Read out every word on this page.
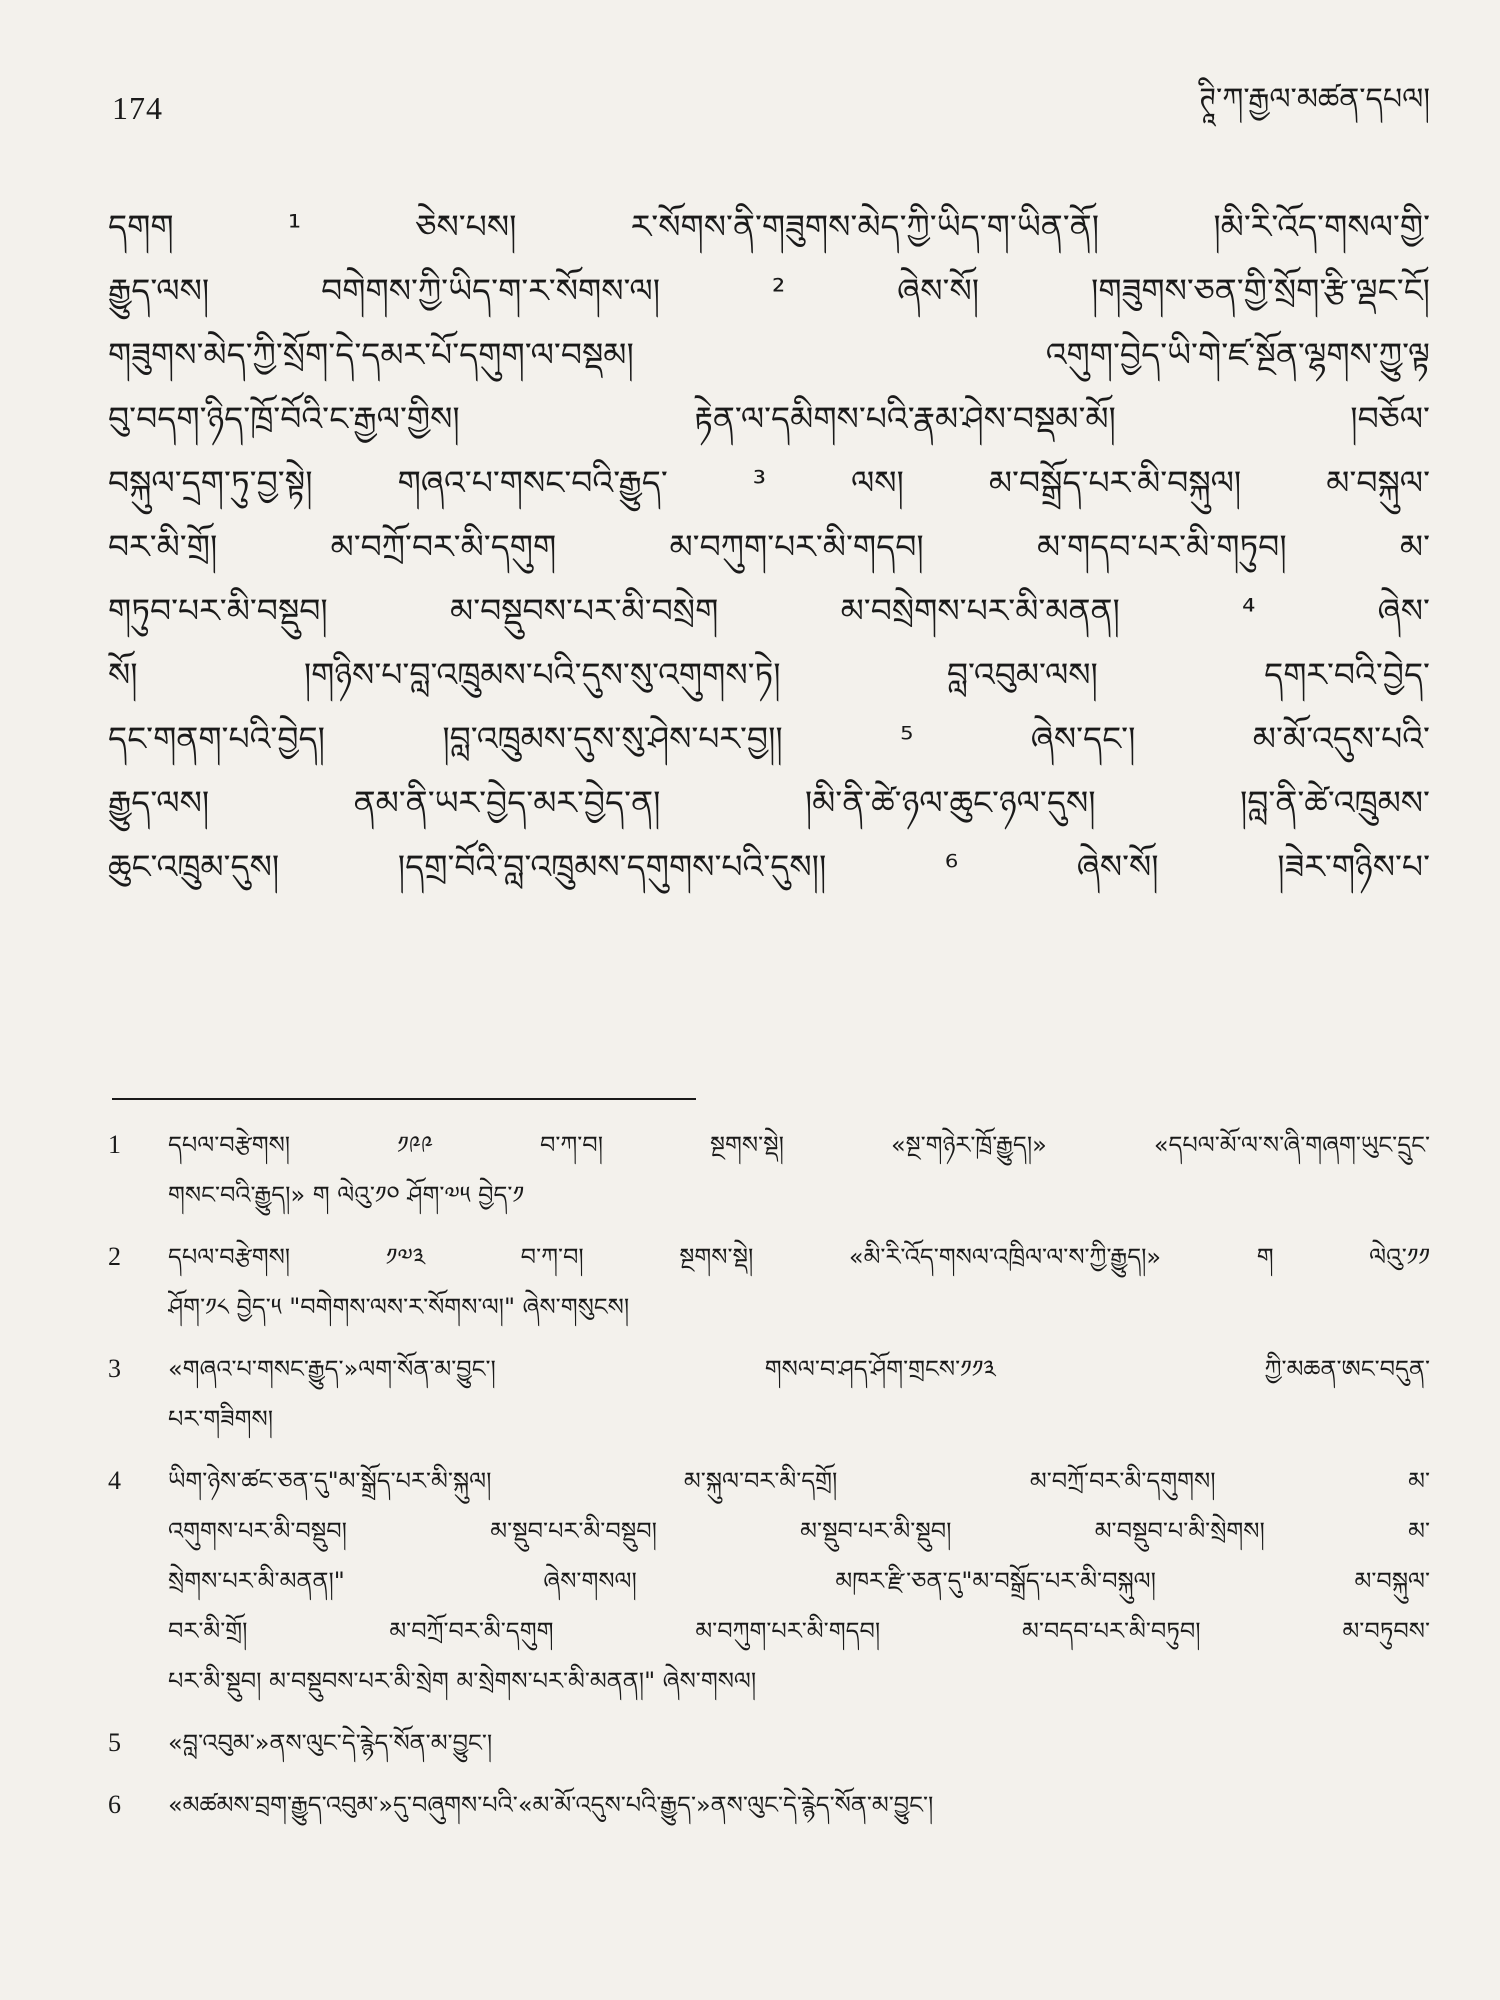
174	ཊཱི་ཀ་རྒྱལ་མཚན་དཔལ།
དགག ¹ ཅེས་པས། ར་སོགས་ནི་གཟུགས་མེད་ཀྱི་ཡིད་ག་ཡིན་ནོ། །མི་རི་འོད་གསལ་གྱི་
རྒྱུད་ལས། བགེགས་ཀྱི་ཡིད་ག་ར་སོགས་ལ། ² ཞེས་སོ། །གཟུགས་ཅན་གྱི་སྲོག་རྩི་ལྡང་ངོ།
གཟུགས་མེད་ཀྱི་སྲོག་དེ་དམར་པོ་དགུག་ལ་བསྡམ། འགུག་བྱེད་ཡི་གེ་ཛ་སྔོན་ལྷགས་ཀྱུ་ལྟ
བུ་བདག་ཉིད་ཁྲོ་བོའི་ང་རྒྱལ་གྱིས། རྟེན་ལ་དམིགས་པའི་རྣམ་ཤེས་བསྡམ་མོ། །བཅོལ་
བསྐུལ་དྲག་ཏུ་བྱ་སྟེ། གཞའ་པ་གསང་བའི་རྒྱུད་ ³ ལས། མ་བསྒྲོད་པར་མི་བསྐུལ། མ་བསྐུལ་
བར་མི་གྲོ། མ་བཀྲོ་བར་མི་དགུག མ་བཀུག་པར་མི་གདབ། མ་གདབ་པར་མི་གཏུབ། མ་
གཏུབ་པར་མི་བསྡུབ། མ་བསྡུབས་པར་མི་བསྲེག མ་བསྲེགས་པར་མི་མནན། ⁴ ཞེས་
སོ། །གཉིས་པ་བླ་འཁྲུམས་པའི་དུས་སུ་འགུགས་ཏེ། བླ་འབུམ་ལས། དགར་བའི་བྱེད་
དང་གནག་པའི་བྱེད། །བླ་འཁྲུམས་དུས་སུ་ཤེས་པར་བྱ།། ⁵ ཞེས་དང་། མ་མོ་འདུས་པའི་
རྒྱུད་ལས། ནམ་ནི་ཡར་བྱེད་མར་བྱེད་ན། །མི་ནི་ཚེ་ཉལ་ཆུང་ཉལ་དུས། །བླ་ནི་ཚེ་འཁྲུམས་
ཆུང་འཁྲུམ་དུས། །དགྲ་བོའི་བླ་འཁྲུམས་དགུགས་པའི་དུས།། ⁶ ཞེས་སོ། །ཟེར་གཉིས་པ་
1	དཔལ་བརྩེགས། ༡༩༩ བ་ཀ་བ། སྔགས་སྡེ། «སྔ་གཉེར་ཁྲོ་རྒྱུད།» «དཔལ་མོ་ལ་ས་ཞི་གཞག་ཡུང་དྲུང་
གསང་བའི་རྒྱུད།» ག ལེའུ་༡༠ ཤོག་༧༥ བྱེད་༡
2	དཔལ་བརྩེགས། ༡༧༣ བ་ཀ་བ། སྔགས་སྡེ། «མི་རི་འོད་གསལ་འཁྲིལ་ལ་ས་ཀྱི་རྒྱུད།» ག ལེའུ་༡༡
ཤོག་༡༨ བྱེད་༥ "བགེགས་ལས་ར་སོགས་ལ།" ཞེས་གསུངས།
3	«གཞའ་པ་གསང་རྒྱུད་»ལག་སོན་མ་བྱུང་། གསལ་བ་ཤད་ཤོག་གྲངས་༡༡༣ ཀྱི་མཆན་ཨང་བདུན་
པར་གཟིགས།
4	ཡིག་ཉེས་ཚང་ཅན་དུ"མ་སྒྲོད་པར་མི་སྐུལ། མ་སྐུལ་བར་མི་དགྲོ། མ་བཀྲོ་བར་མི་དགུགས། མ་
འགུགས་པར་མི་བསྡུབ། མ་སྡུབ་པར་མི་བསྡུབ། མ་སྡུབ་པར་མི་སྡུབ། མ་བསྡུབ་པ་མི་སྲེགས། མ་
སྲེགས་པར་མི་མནན།" ཞེས་གསལ། མཁར་རྫི་ཅན་དུ"མ་བསྒྲོད་པར་མི་བསྐུལ། མ་བསྐུལ་
བར་མི་གྲོ། མ་བཀྲོ་བར་མི་དགུག མ་བཀུག་པར་མི་གདབ། མ་བདབ་པར་མི་བཏུབ། མ་བཏུབས་
པར་མི་སྡུབ། མ་བསྡུབས་པར་མི་སྲེག མ་སྲེགས་པར་མི་མནན།" ཞེས་གསལ།
5	«བླ་འབུམ་»ནས་ལུང་དེ་རྙེད་སོན་མ་བྱུང་།
6	«མཚམས་བྲག་རྒྱུད་འབུམ་»དུ་བཞུགས་པའི་«མ་མོ་འདུས་པའི་རྒྱུད་»ནས་ལུང་དེ་རྙེད་སོན་མ་བྱུང་།
